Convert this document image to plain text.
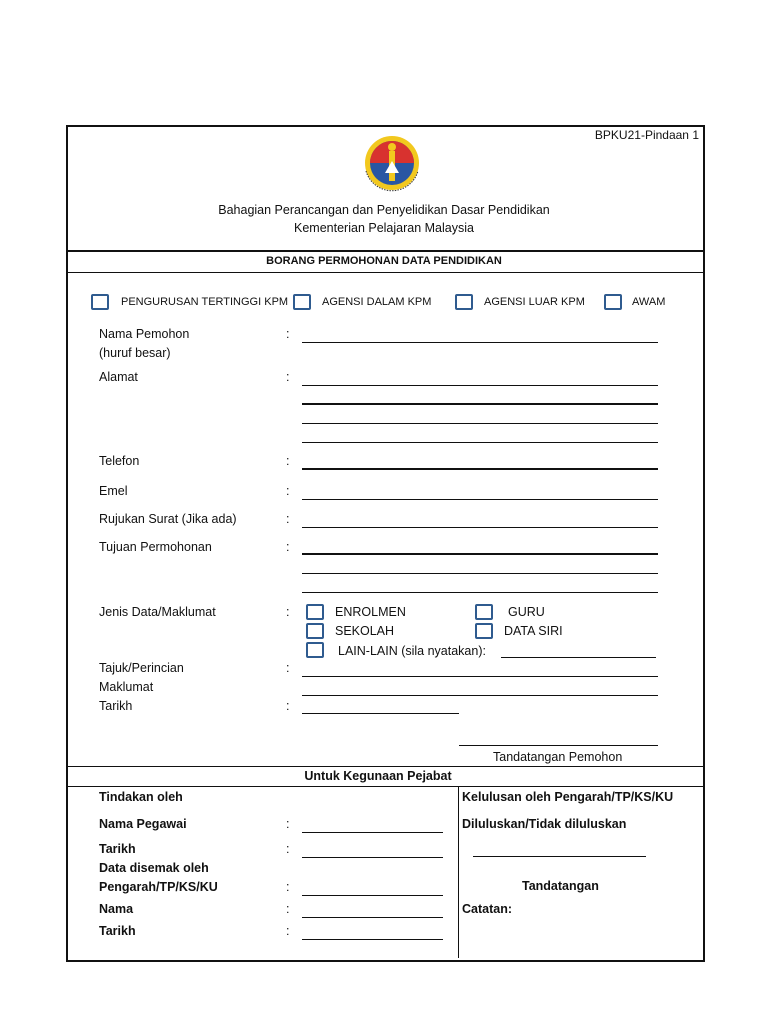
BPKU21-Pindaan 1
Bahagian Perancangan dan Penyelidikan Dasar Pendidikan
Kementerian Pelajaran Malaysia
BORANG PERMOHONAN DATA PENDIDIKAN
PENGURUSAN TERTINGGI KPM	AGENSI DALAM KPM	AGENSI LUAR KPM	AWAM
Nama Pemohon
(huruf besar)
:
Alamat	:
Telefon	:
Emel	:
Rujukan Surat (Jika ada)	:
Tujuan Permohonan	:
Jenis Data/Maklumat	:	ENROLMEN	GURU
SEKOLAH	DATA SIRI
LAIN-LAIN (sila nyatakan):
Tajuk/Perincian
Maklumat
:
Tarikh	:
Tandatangan Pemohon
Untuk Kegunaan Pejabat
Tindakan oleh
Nama Pegawai	:
Tarikh	:
Data disemak oleh
Pengarah/TP/KS/KU	:
Nama	:
Tarikh	:
Kelulusan oleh Pengarah/TP/KS/KU
Diluluskan/Tidak diluluskan
Tandatangan
Catatan:
